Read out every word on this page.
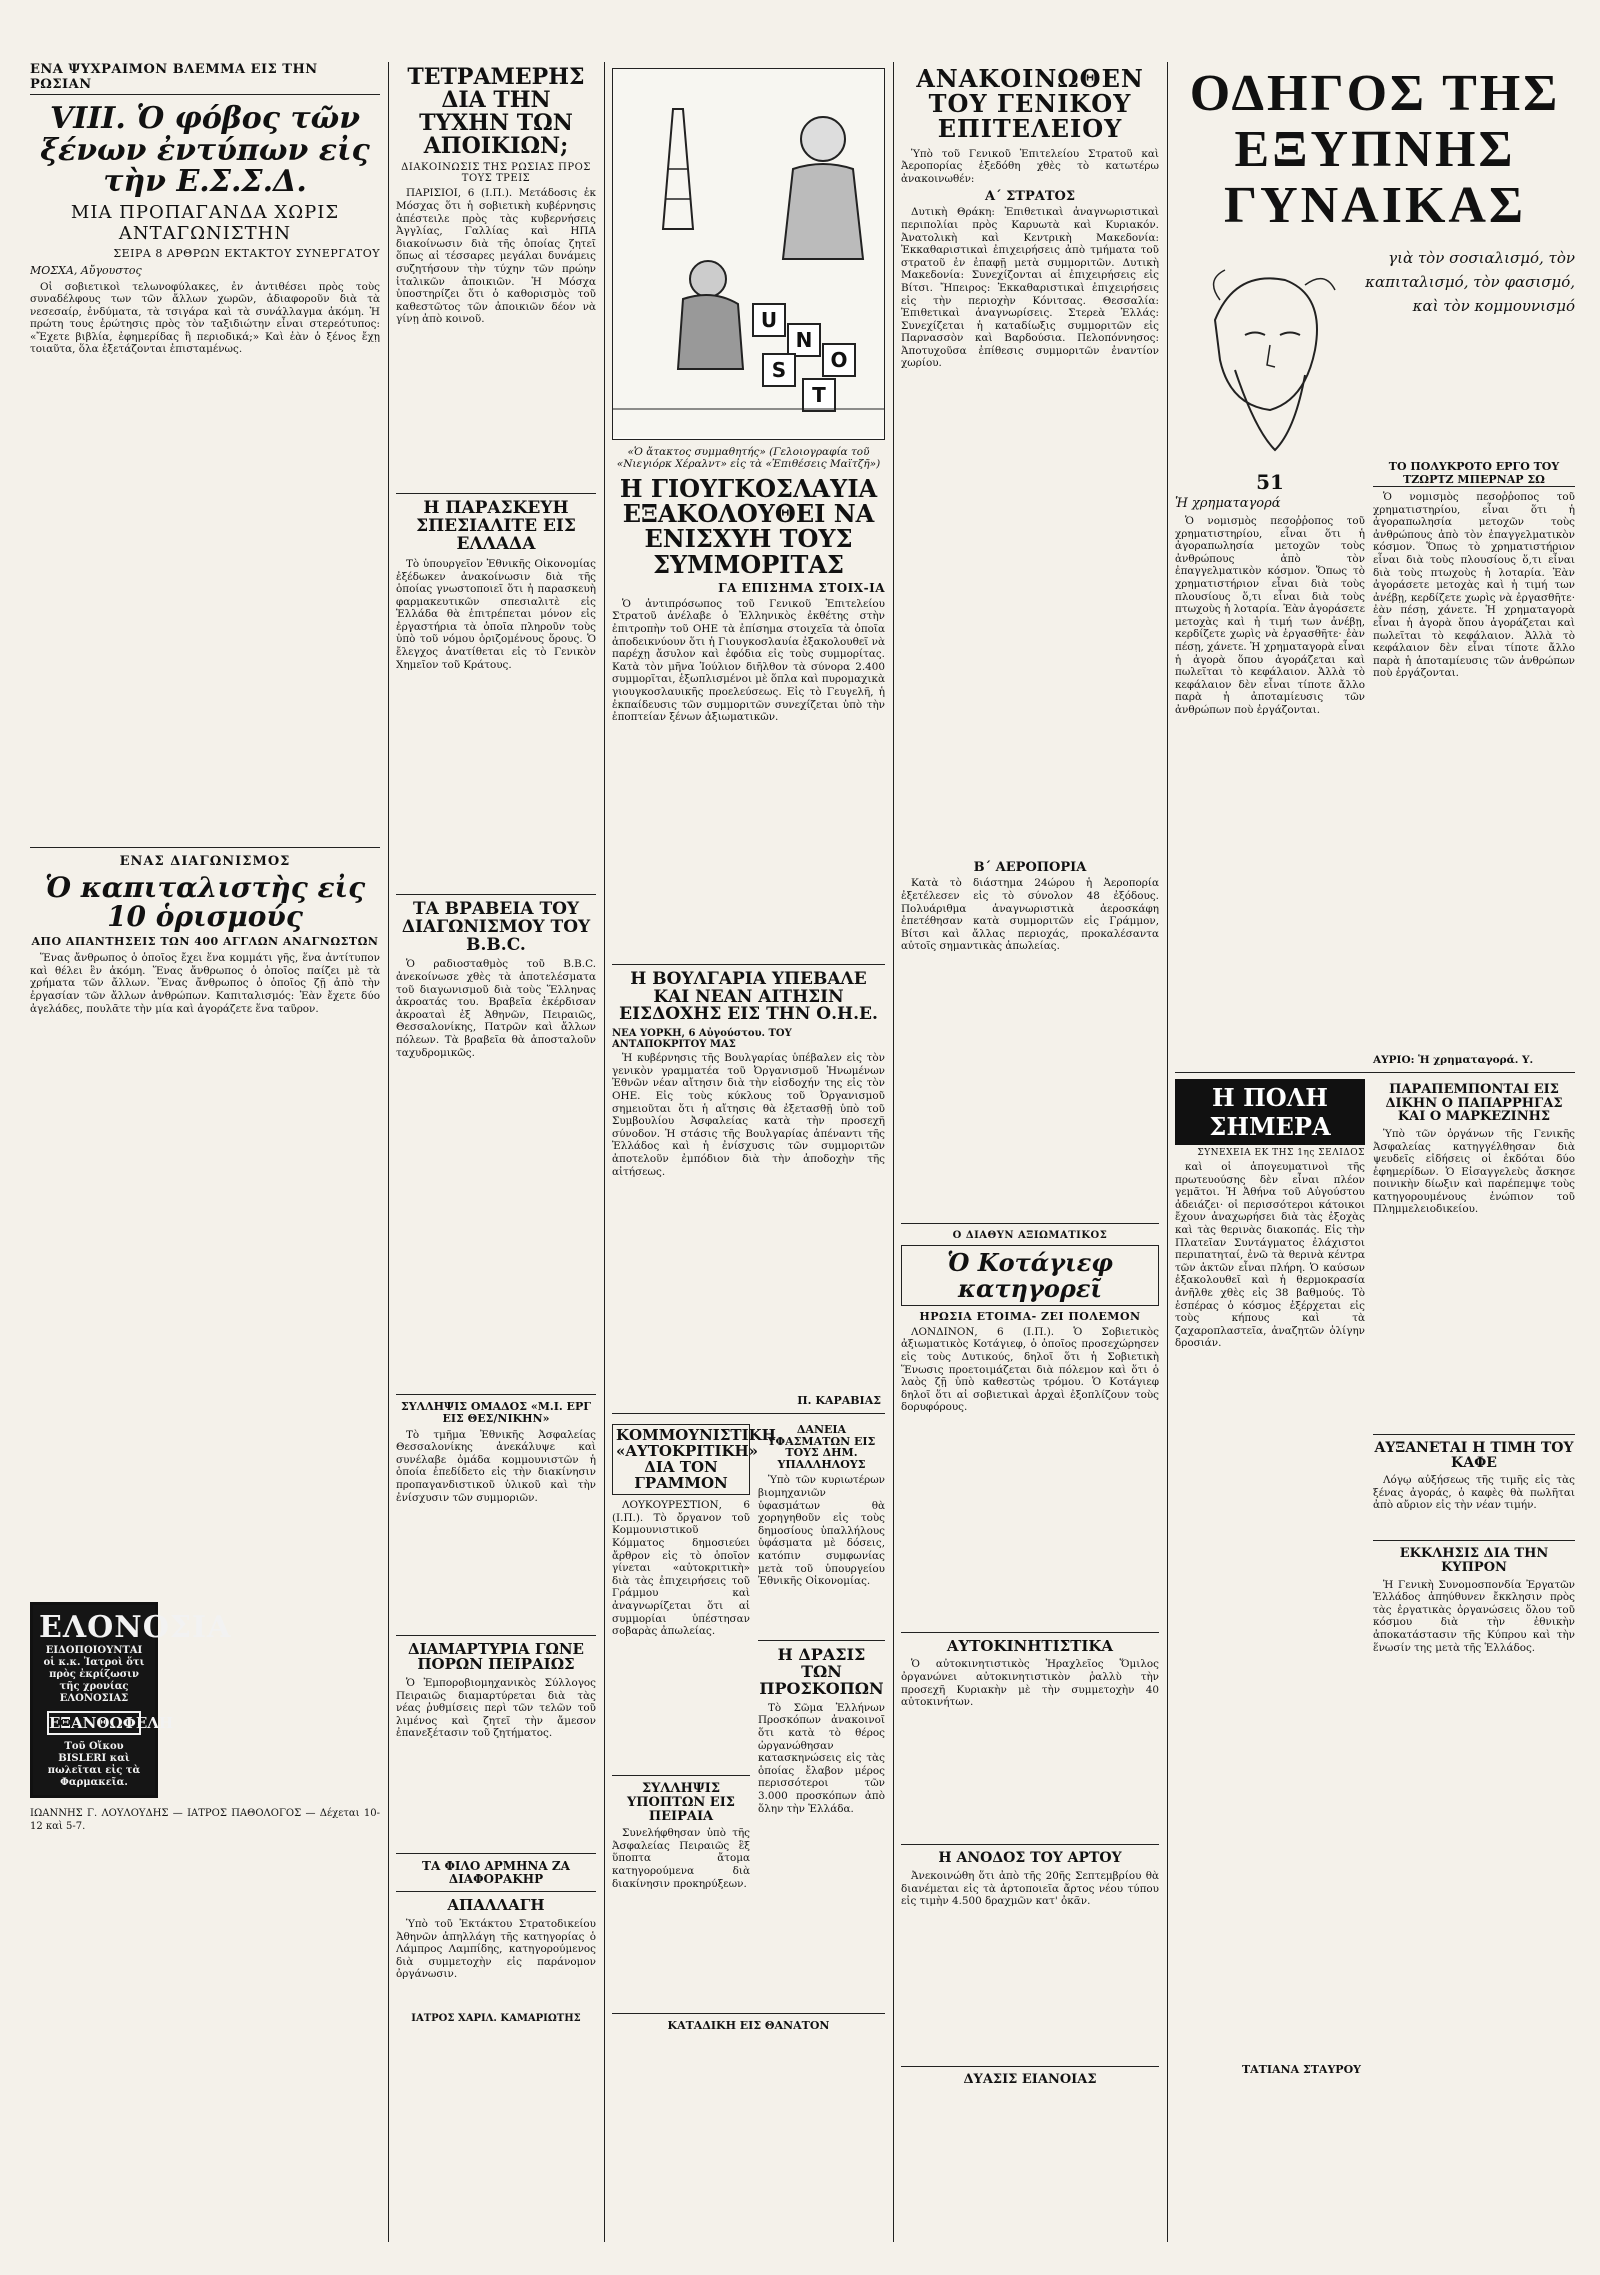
ΕΝΑ ΨΥΧΡΑΙΜΟΝ ΒΛΕΜΜΑ ΕΙΣ ΤΗΝ ΡΩΣΙΑΝ
VIII. Ὁ φόβος τῶν ξένων ἐντύπων εἰς τὴν Ε.Σ.Σ.Δ.
ΜΙΑ ΠΡΟΠΑΓΑΝΔΑ ΧΩΡΙΣ ΑΝΤΑΓΩΝΙΣΤΗΝ
ΣΕΙΡΑ 8 ΑΡΘΡΩΝ ΕΚΤΑΚΤΟΥ ΣΥΝΕΡΓΑΤΟΥ
ΜΟΣΧΑ, Αὔγουστος

Οἱ σοβιετικοὶ τελωνοφύλακες, ἐν ἀντιθέσει πρὸς τοὺς συναδέλφους των τῶν ἄλλων χωρῶν, ἀδιαφοροῦν διὰ τὰ νεσεσαίρ, ἐνδύματα, τὰ τσιγάρα καὶ τὰ συνάλλαγμα ἀκόμη. Ἡ πρώτη τους ἐρώτησις πρὸς τὸν ταξιδιώτην εἶναι στερεότυπος: «Ἔχετε βιβλία, ἐφημερίδας ἢ περιοδικά;» Καὶ ἐὰν ὁ ξένος ἔχῃ τοιαῦτα, ὅλα ἐξετάζονται ἐπισταμένως.

ΕΝΑΣ ΔΙΑΓΩΝΙΣΜΟΣ
Ὁ καπιταλιστὴς εἰς 10 ὁρισμούς
ΑΠΟ ΑΠΑΝΤΗΣΕΙΣ ΤΩΝ 400 ΑΓΓΛΩΝ ΑΝΑΓΝΩΣΤΩΝ

Ἕνας ἄνθρωπος ὁ ὁποῖος ἔχει ἕνα κομμάτι γῆς, ἕνα ἀντίτυπον καὶ θέλει ἓν ἀκόμη. Ἕνας ἄνθρωπος ὁ ὁποῖος παίζει μὲ τὰ χρήματα τῶν ἄλλων. Ἕνας ἄνθρωπος ὁ ὁποῖος ζῇ ἀπὸ τὴν ἐργασίαν τῶν ἄλλων ἀνθρώπων. Καπιταλισμός: Ἐὰν ἔχετε δύο ἀγελάδες, πουλᾶτε τὴν μία καὶ ἀγοράζετε ἕνα ταῦρον.

ΕΛΟΝΟΣΙΑ
ΕΙΔΟΠΟΙΟΥΝΤΑΙ οἱ κ.κ. Ἰατροὶ ὅτι πρὸς ἐκρίζωσιν τῆς χρονίας ΕΛΟΝΟΣΙΑΣ
ΕΞΑΝΘΩΦΕΛΗ
Τοῦ Οἴκου BISLERI καὶ πωλεῖται εἰς τὰ Φαρμακεῖα.
ΙΩΑΝΝΗΣ Γ. ΛΟΥΛΟΥΔΗΣ — ΙΑΤΡΟΣ ΠΑΘΟΛΟΓΟΣ — Δέχεται 10-12 καὶ 5-7.
ΤΕΤΡΑΜΕΡΗΣ ΔΙΑ ΤΗΝ ΤΥΧΗΝ ΤΩΝ ΑΠΟΙΚΙΩΝ;
ΔΙΑΚΟΙΝΩΣΙΣ ΤΗΣ ΡΩΣΙΑΣ ΠΡΟΣ ΤΟΥΣ ΤΡΕΙΣ

ΠΑΡΙΣΙΟΙ, 6 (Ι.Π.). Μετάδοσις ἐκ Μόσχας ὅτι ἡ σοβιετικὴ κυβέρνησις ἀπέστειλε πρὸς τὰς κυβερνήσεις Ἀγγλίας, Γαλλίας καὶ ΗΠΑ διακοίνωσιν διὰ τῆς ὁποίας ζητεῖ ὅπως αἱ τέσσαρες μεγάλαι δυνάμεις συζητήσουν τὴν τύχην τῶν πρώην ἰταλικῶν ἀποικιῶν. Ἡ Μόσχα ὑποστηρίζει ὅτι ὁ καθορισμὸς τοῦ καθεστῶτος τῶν ἀποικιῶν δέον νὰ γίνῃ ἀπὸ κοινοῦ.

Η ΠΑΡΑΣΚΕΥΗ ΣΠΕΣΙΑΛΙΤΕ ΕΙΣ ΕΛΛΑΔΑ

Τὸ ὑπουργεῖον Ἐθνικῆς Οἰκονομίας ἐξέδωκεν ἀνακοίνωσιν διὰ τῆς ὁποίας γνωστοποιεῖ ὅτι ἡ παρασκευὴ φαρμακευτικῶν σπεσιαλιτὲ εἰς Ἑλλάδα θὰ ἐπιτρέπεται μόνον εἰς ἐργαστήρια τὰ ὁποῖα πληροῦν τοὺς ὑπὸ τοῦ νόμου ὁριζομένους ὅρους. Ὁ ἔλεγχος ἀνατίθεται εἰς τὸ Γενικὸν Χημεῖον τοῦ Κράτους.

ΤΑ ΒΡΑΒΕΙΑ ΤΟΥ ΔΙΑΓΩΝΙΣΜΟΥ ΤΟΥ Β.Β.C.

Ὁ ραδιοσταθμὸς τοῦ Β.Β.C. ἀνεκοίνωσε χθὲς τὰ ἀποτελέσματα τοῦ διαγωνισμοῦ διὰ τοὺς Ἕλληνας ἀκροατάς του. Βραβεῖα ἐκέρδισαν ἀκροαταὶ ἐξ Ἀθηνῶν, Πειραιῶς, Θεσσαλονίκης, Πατρῶν καὶ ἄλλων πόλεων. Τὰ βραβεῖα θὰ ἀποσταλοῦν ταχυδρομικῶς.

ΣΥΛΛΗΨΙΣ ΟΜΑΔΟΣ «Μ.Ι. ΕΡΓ ΕΙΣ ΘΕΣ/ΝΙΚΗΝ»

Τὸ τμῆμα Ἐθνικῆς Ἀσφαλείας Θεσσαλονίκης ἀνεκάλυψε καὶ συνέλαβε ὀμάδα κομμουνιστῶν ἡ ὁποία ἐπεδίδετο εἰς τὴν διακίνησιν προπαγανδιστικοῦ ὑλικοῦ καὶ τὴν ἐνίσχυσιν τῶν συμμοριῶν.

ΔΙΑΜΑΡΤΥΡΙΑ ΓΩΝΕ ΠΟΡΩΝ ΠΕΙΡΑΙΩΣ

Ὁ Ἐμποροβιομηχανικὸς Σύλλογος Πειραιῶς διαμαρτύρεται διὰ τὰς νέας ῥυθμίσεις περὶ τῶν τελῶν τοῦ λιμένος καὶ ζητεῖ τὴν ἄμεσον ἐπανεξέτασιν τοῦ ζητήματος.

ΤΑ ΦΙΛΟ ΑΡΜΗΝΑ ΖΑ ΔΙΑΦΟΡΑΚΗΡ
ΑΠΑΛΛΑΓΗ

Ὑπὸ τοῦ Ἐκτάκτου Στρατοδικείου Ἀθηνῶν ἀπηλλάγη τῆς κατηγορίας ὁ Λάμπρος Λαμπίδης, κατηγορούμενος διὰ συμμετοχὴν εἰς παράνομον ὀργάνωσιν.

ΙΑΤΡΟΣ ΧΑΡΙΛ. ΚΑΜΑΡΙΩΤΗΣ
U
N
O
S
T
«Ὁ ἄτακτος συμμαθητής» (Γελοιογραφία τοῦ «Νιεγιόρκ Χέραλντ» εἰς τὰ «Ἐπιθέσεις Μαϊτζῆ»)
Η ΓΙΟΥΓΚΟΣΛΑΥΙΑ ΕΞΑΚΟΛΟΥΘΕΙ ΝΑ ΕΝΙΣΧΥΗ ΤΟΥΣ ΣΥΜΜΟΡΙΤΑΣ
ΓΑ ΕΠΙΣΗΜΑ ΣΤΟΙΧ-ΙΑ

Ὁ ἀντιπρόσωπος τοῦ Γενικοῦ Ἐπιτελείου Στρατοῦ ἀνέλαβε ὁ Ἐλληνικὸς ἐκθέτης στὴν ἐπιτροπὴν τοῦ ΟΗΕ τὰ ἐπίσημα στοιχεῖα τὰ ὁποῖα ἀποδεικνύουν ὅτι ἡ Γιουγκοσλαυία ἐξακολουθεῖ νὰ παρέχῃ ἄσυλον καὶ ἐφόδια εἰς τοὺς συμμορίτας. Κατὰ τὸν μῆνα Ἰούλιον διῆλθον τὰ σύνορα 2.400 συμμορῖται, ἐξωπλισμένοι μὲ ὅπλα καὶ πυρομαχικὰ γιουγκοσλαυικῆς προελεύσεως. Εἰς τὸ Γευγελῆ, ἡ ἐκπαίδευσις τῶν συμμοριτῶν συνεχίζεται ὑπὸ τὴν ἐποπτείαν ξένων ἀξιωματικῶν.

Η ΒΟΥΛΓΑΡΙΑ ΥΠΕΒΑΛΕ ΚΑΙ ΝΕΑΝ ΑΙΤΗΣΙΝ ΕΙΣΔΟΧΗΣ ΕΙΣ ΤΗΝ Ο.Η.Ε.
ΝΕΑ ΥΟΡΚΗ, 6 Αὐγούστου. ΤΟΥ ΑΝΤΑΠΟΚΡΙΤΟΥ ΜΑΣ

Ἡ κυβέρνησις τῆς Βουλγαρίας ὑπέβαλεν εἰς τὸν γενικὸν γραμματέα τοῦ Ὀργανισμοῦ Ἡνωμένων Ἐθνῶν νέαν αἴτησιν διὰ τὴν εἰσδοχήν της εἰς τὸν ΟΗΕ. Εἰς τοὺς κύκλους τοῦ Ὀργανισμοῦ σημειοῦται ὅτι ἡ αἴτησις θὰ ἐξετασθῇ ὑπὸ τοῦ Συμβουλίου Ἀσφαλείας κατὰ τὴν προσεχῆ σύνοδον. Ἡ στάσις τῆς Βουλγαρίας ἀπέναντι τῆς Ἑλλάδος καὶ ἡ ἐνίσχυσις τῶν συμμοριτῶν ἀποτελοῦν ἐμπόδιον διὰ τὴν ἀποδοχὴν τῆς αἰτήσεως.

Π. ΚΑΡΑΒΙΑΣ
ΚΟΜΜΟΥΝΙΣΤΙΚΗ «ΑΥΤΟΚΡΙΤΙΚΗ» ΔΙΑ ΤΟΝ ΓΡΑΜΜΟΝ

ΛΟΥΚΟΥΡΕΣΤΙΟΝ, 6 (Ι.Π.). Τὸ ὄργανον τοῦ Κομμουνιστικοῦ Κόμματος δημοσιεύει ἄρθρον εἰς τὸ ὁποῖον γίνεται «αὐτοκριτικὴ» διὰ τὰς ἐπιχειρήσεις τοῦ Γράμμου καὶ ἀναγνωρίζεται ὅτι αἱ συμμορίαι ὑπέστησαν σοβαρὰς ἀπωλείας.

ΣΥΛΛΗΨΙΣ ΥΠΟΠΤΩΝ ΕΙΣ ΠΕΙΡΑΙΑ

Συνελήφθησαν ὑπὸ τῆς Ἀσφαλείας Πειραιῶς ἓξ ὕποπτα ἄτομα κατηγορούμενα διὰ διακίνησιν προκηρύξεων.

ΔΑΝΕΙΑ ΥΦΑΣΜΑΤΩΝ ΕΙΣ ΤΟΥΣ ΔΗΜ. ΥΠΑΛΛΗΛΟΥΣ

Ὑπὸ τῶν κυριωτέρων βιομηχανιῶν ὑφασμάτων θὰ χορηγηθοῦν εἰς τοὺς δημοσίους ὑπαλλήλους ὑφάσματα μὲ δόσεις, κατόπιν συμφωνίας μετὰ τοῦ ὑπουργείου Ἐθνικῆς Οἰκονομίας.

Η ΔΡΑΣΙΣ ΤΩΝ ΠΡΟΣΚΟΠΩΝ

Τὸ Σῶμα Ἑλλήνων Προσκόπων ἀνακοινοῖ ὅτι κατὰ τὸ θέρος ὠργανώθησαν κατασκηνώσεις εἰς τὰς ὁποίας ἔλαβον μέρος περισσότεροι τῶν 3.000 προσκόπων ἀπὸ ὅλην τὴν Ἑλλάδα.

ΚΑΤΑΔΙΚΗ ΕΙΣ ΘΑΝΑΤΟΝ
ΑΝΑΚΟΙΝΩΘΕΝ ΤΟΥ ΓΕΝΙΚΟΥ ΕΠΙΤΕΛΕΙΟΥ

Ὑπὸ τοῦ Γενικοῦ Ἐπιτελείου Στρατοῦ καὶ Ἀεροπορίας ἐξεδόθη χθὲς τὸ κατωτέρω ἀνακοινωθέν:

Α΄ ΣΤΡΑΤΟΣ

Δυτικὴ Θράκη: Ἐπιθετικαὶ ἀναγνωριστικαὶ περιπολίαι πρὸς Καρυωτὰ καὶ Κυριακόν. Ἀνατολικὴ καὶ Κεντρικὴ Μακεδονία: Ἐκκαθαριστικαὶ ἐπιχειρήσεις ἀπὸ τμήματα τοῦ στρατοῦ ἐν ἐπαφῇ μετὰ συμμοριτῶν. Δυτικὴ Μακεδονία: Συνεχίζονται αἱ ἐπιχειρήσεις εἰς Βίτσι. Ἤπειρος: Ἐκκαθαριστικαὶ ἐπιχειρήσεις εἰς τὴν περιοχὴν Κόνιτσας. Θεσσαλία: Ἐπιθετικαὶ ἀναγνωρίσεις. Στερεὰ Ἑλλάς: Συνεχίζεται ἡ καταδίωξις συμμοριτῶν εἰς Παρνασσὸν καὶ Βαρδούσια. Πελοπόννησος: Ἀποτυχοῦσα ἐπίθεσις συμμοριτῶν ἐναντίον χωρίου.

Β΄ ΑΕΡΟΠΟΡΙΑ

Κατὰ τὸ διάστημα 24ώρου ἡ Ἀεροπορία ἐξετέλεσεν εἰς τὸ σύνολον 48 ἐξόδους. Πολυάριθμα ἀναγνωριστικὰ ἀεροσκάφη ἐπετέθησαν κατὰ συμμοριτῶν εἰς Γράμμον, Βίτσι καὶ ἄλλας περιοχάς, προκαλέσαντα αὐτοῖς σημαντικὰς ἀπωλείας.

Ο ΔΙΑΘΥΝ ΑΞΙΩΜΑΤΙΚΟΣ
Ὁ Κοτάγιεφ κατηγορεῖ
ΗΡΩΣΙΑ ΕΤΟΙΜΑ- ΖΕΙ ΠΟΛΕΜΟΝ

ΛΟΝΔΙΝΟΝ, 6 (Ι.Π.). Ὁ Σοβιετικὸς ἀξιωματικὸς Κοτάγιεφ, ὁ ὁποῖος προσεχώρησεν εἰς τοὺς Δυτικούς, δηλοῖ ὅτι ἡ Σοβιετικὴ Ἕνωσις προετοιμάζεται διὰ πόλεμον καὶ ὅτι ὁ λαὸς ζῇ ὑπὸ καθεστὼς τρόμου. Ὁ Κοτάγιεφ δηλοῖ ὅτι αἱ σοβιετικαὶ ἀρχαὶ ἐξοπλίζουν τοὺς δορυφόρους.

ΑΥΤΟΚΙΝΗΤΙΣΤΙΚΑ

Ὁ αὐτοκινητιστικὸς Ἠραχλεῖος Ὅμιλος ὀργανώνει αὐτοκινητιστικὸν ῥαλλὺ τὴν προσεχῆ Κυριακὴν μὲ τὴν συμμετοχὴν 40 αὐτοκινήτων.

Η ΑΝΟΔΟΣ ΤΟΥ ΑΡΤΟΥ

Ἀνεκοινώθη ὅτι ἀπὸ τῆς 20ῆς Σεπτεμβρίου θὰ διανέμεται εἰς τὰ ἀρτοποιεῖα ἄρτος νέου τύπου εἰς τιμὴν 4.500 δραχμῶν κατ' ὀκᾶν.

ΔΥΑΣΙΣ ΕΙΑΝΟΙΑΣ
ΟΔΗΓΟΣ ΤΗΣ ΕΞΥΠΝΗΣ ΓΥΝΑΙΚΑΣ
γιὰ τὸν σοσιαλισμό, τὸν καπιταλισμό, τὸν φασισμό, καὶ τὸν κομμουνισμό
51
Ἡ χρηματαγορά

Ὁ νομισμὸς πεσοῤῥοπος τοῦ χρηματιστηρίου, εἶναι ὅτι ἡ ἀγοραπωλησία μετοχῶν τοὺς ἀνθρώπους ἀπὸ τὸν ἐπαγγελματικὸν κόσμον. Ὅπως τὸ χρηματιστήριον εἶναι διὰ τοὺς πλουσίους ὅ,τι εἶναι διὰ τοὺς πτωχοὺς ἡ λοταρία. Ἐὰν ἀγοράσετε μετοχὰς καὶ ἡ τιμή των ἀνέβῃ, κερδίζετε χωρὶς νὰ ἐργασθῆτε· ἐὰν πέσῃ, χάνετε. Ἡ χρηματαγορὰ εἶναι ἡ ἀγορὰ ὅπου ἀγοράζεται καὶ πωλεῖται τὸ κεφάλαιον. Ἀλλὰ τὸ κεφάλαιον δὲν εἶναι τίποτε ἄλλο παρὰ ἡ ἀποταμίευσις τῶν ἀνθρώπων ποὺ ἐργάζονται.

ΤΟ ΠΟΛΥΚΡΟΤΟ ΕΡΓΟ ΤΟΥ ΤΖΩΡΤΖ ΜΠΕΡΝΑΡ ΣΩ

Ὁ νομισμὸς πεσοῤῥοπος τοῦ χρηματιστηρίου, εἶναι ὅτι ἡ ἀγοραπωλησία μετοχῶν τοὺς ἀνθρώπους ἀπὸ τὸν ἐπαγγελματικὸν κόσμον. Ὅπως τὸ χρηματιστήριον εἶναι διὰ τοὺς πλουσίους ὅ,τι εἶναι διὰ τοὺς πτωχοὺς ἡ λοταρία. Ἐὰν ἀγοράσετε μετοχὰς καὶ ἡ τιμή των ἀνέβῃ, κερδίζετε χωρὶς νὰ ἐργασθῆτε· ἐὰν πέσῃ, χάνετε. Ἡ χρηματαγορὰ εἶναι ἡ ἀγορὰ ὅπου ἀγοράζεται καὶ πωλεῖται τὸ κεφάλαιον. Ἀλλὰ τὸ κεφάλαιον δὲν εἶναι τίποτε ἄλλο παρὰ ἡ ἀποταμίευσις τῶν ἀνθρώπων ποὺ ἐργάζονται.

ΑΥΡΙΟ: Ἡ χρηματαγορά. Υ.
Η ΠΟΛΗ ΣΗΜΕΡΑ
ΣΥΝΕΧΕΙΑ ΕΚ ΤΗΣ 1ης ΣΕΛΙΔΟΣ

καὶ οἱ ἀπογευματινοὶ τῆς πρωτευούσης δὲν εἶναι πλέον γεμᾶτοι. Ἡ Ἀθήνα τοῦ Αὐγούστου ἀδειάζει· οἱ περισσότεροι κάτοικοι ἔχουν ἀναχωρήσει διὰ τὰς ἐξοχὰς καὶ τὰς θερινὰς διακοπάς. Εἰς τὴν Πλατεῖαν Συντάγματος ἐλάχιστοι περιπατηταί, ἐνῶ τὰ θερινὰ κέντρα τῶν ἀκτῶν εἶναι πλήρη. Ὁ καύσων ἐξακολουθεῖ καὶ ἡ θερμοκρασία ἀνῆλθε χθὲς εἰς 38 βαθμούς. Τὸ ἑσπέρας ὁ κόσμος ἐξέρχεται εἰς τοὺς κήπους καὶ τὰ ζαχαροπλαστεῖα, ἀναζητῶν ὀλίγην δροσιάν.

ΤΑΤΙΑΝΑ ΣΤΑΥΡΟΥ
ΠΑΡΑΠΕΜΠΟΝΤΑΙ ΕΙΣ ΔΙΚΗΝ Ο ΠΑΠΑΡΡΗΓΑΣ ΚΑΙ Ο ΜΑΡΚΕΖΙΝΗΣ

Ὑπὸ τῶν ὀργάνων τῆς Γενικῆς Ἀσφαλείας κατηγγέλθησαν διὰ ψευδεῖς εἰδήσεις οἱ ἐκδόται δύο ἐφημερίδων. Ὁ Εἰσαγγελεὺς ἄσκησε ποινικὴν δίωξιν καὶ παρέπεμψε τοὺς κατηγορουμένους ἐνώπιον τοῦ Πλημμελειοδικείου.

ΑΥΞΑΝΕΤΑΙ Η ΤΙΜΗ ΤΟΥ ΚΑΦΕ

Λόγῳ αὐξήσεως τῆς τιμῆς εἰς τὰς ξένας ἀγοράς, ὁ καφὲς θὰ πωλῆται ἀπὸ αὔριον εἰς τὴν νέαν τιμήν.

ΕΚΚΛΗΣΙΣ ΔΙΑ ΤΗΝ ΚΥΠΡΟΝ

Ἡ Γενικὴ Συνομοσπονδία Ἐργατῶν Ἑλλάδος ἀπηύθυνεν ἔκκλησιν πρὸς τὰς ἐργατικὰς ὀργανώσεις ὅλου τοῦ κόσμου διὰ τὴν ἐθνικὴν ἀποκατάστασιν τῆς Κύπρου καὶ τὴν ἕνωσίν της μετὰ τῆς Ἑλλάδος.
